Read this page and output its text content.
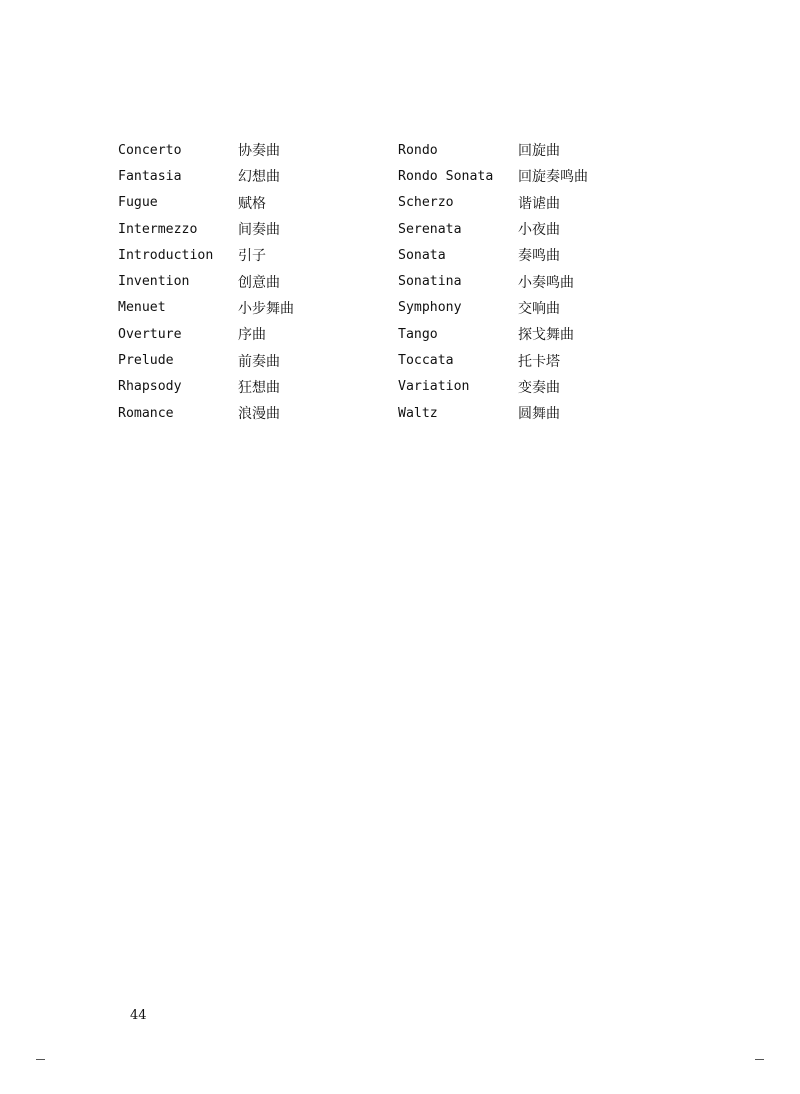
Concerto	协奏曲	Rondo	回旋曲
Fantasia	幻想曲	Rondo Sonata	回旋奏鸣曲
Fugue	赋格	Scherzo	谐谑曲
Intermezzo	间奏曲	Serenata	小夜曲
Introduction	引子	Sonata	奏鸣曲
Invention	创意曲	Sonatina	小奏鸣曲
Menuet	小步舞曲	Symphony	交响曲
Overture	序曲	Tango	探戈舞曲
Prelude	前奏曲	Toccata	托卡塔
Rhapsody	狂想曲	Variation	变奏曲
Romance	浪漫曲	Waltz	圆舞曲
44
